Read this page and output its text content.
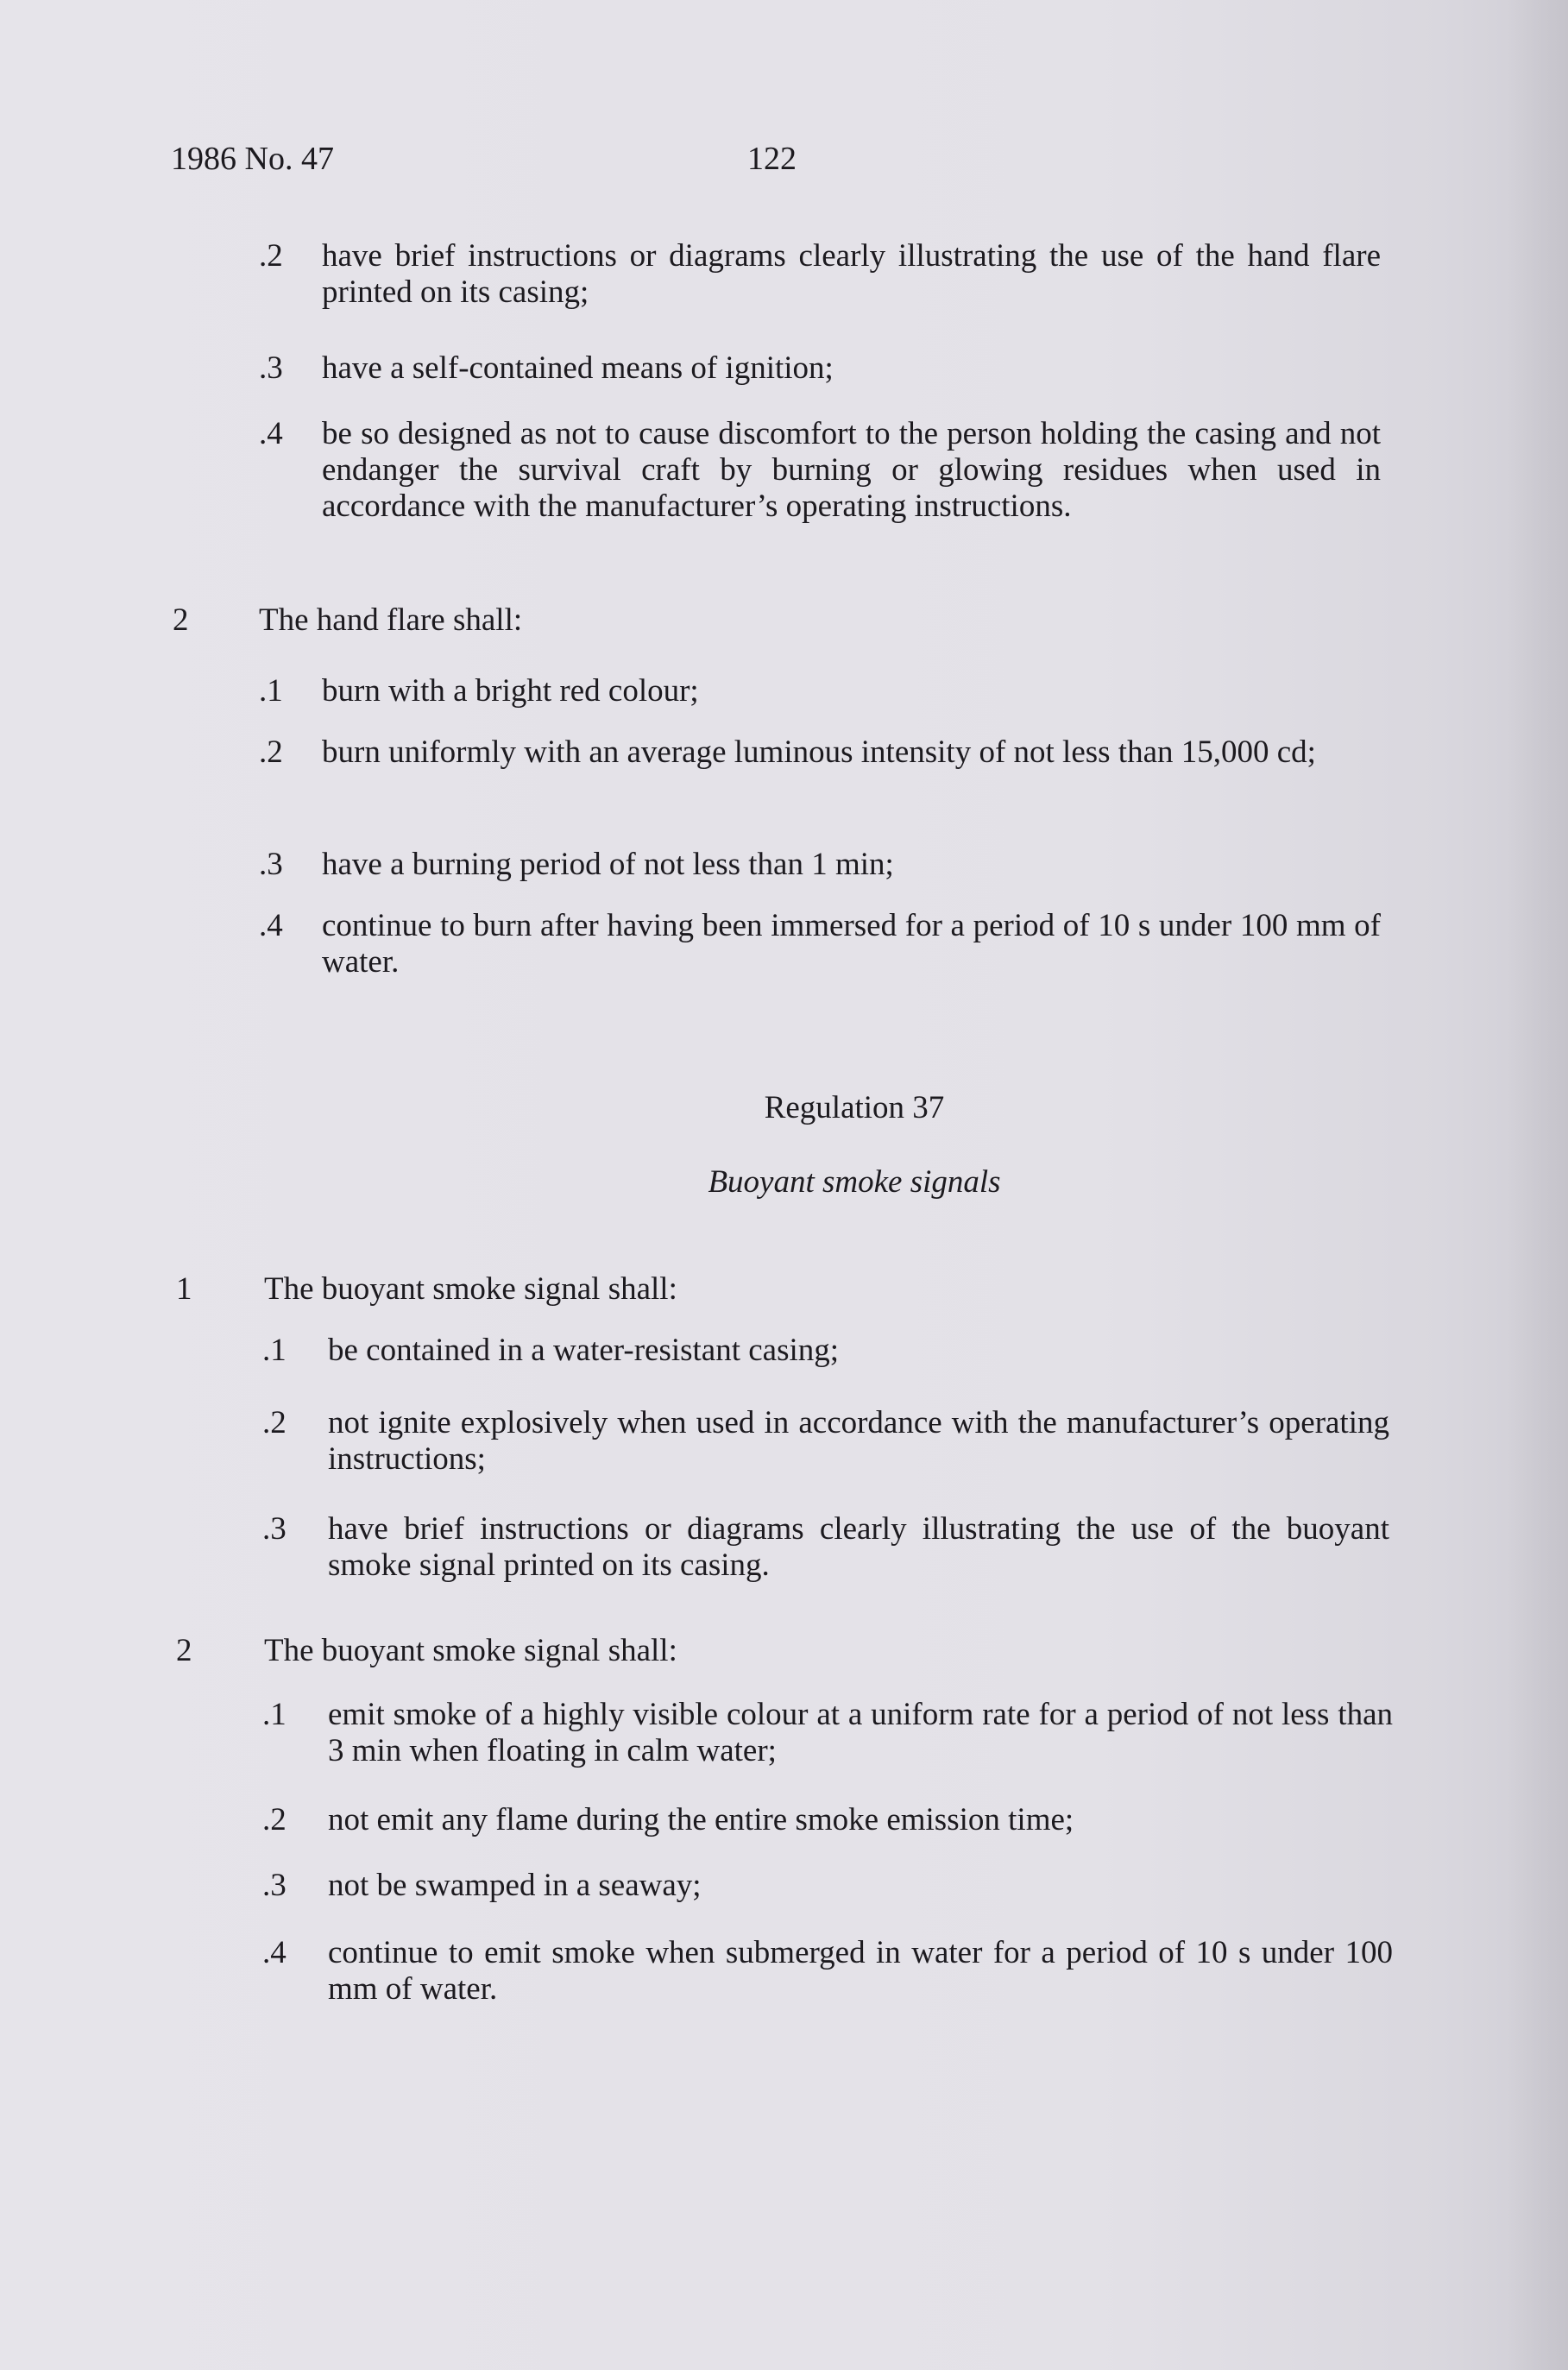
1986 No. 47	122
.2 have brief instructions or diagrams clearly illustrating the use of the hand flare printed on its casing;
.3 have a self-contained means of ignition;
.4 be so designed as not to cause discomfort to the person holding the casing and not endanger the survival craft by burning or glowing residues when used in accordance with the manufacturer’s operating instructions.
2 The hand flare shall:
.1 burn with a bright red colour;
.2 burn uniformly with an average luminous intensity of not less than 15,000 cd;
.3 have a burning period of not less than 1 min;
.4 continue to burn after having been immersed for a period of 10 s under 100 mm of water.
Regulation 37
Buoyant smoke signals
1 The buoyant smoke signal shall:
.1 be contained in a water-resistant casing;
.2 not ignite explosively when used in accordance with the manufacturer’s operating instructions;
.3 have brief instructions or diagrams clearly illustrating the use of the buoyant smoke signal printed on its casing.
2 The buoyant smoke signal shall:
.1 emit smoke of a highly visible colour at a uniform rate for a period of not less than 3 min when floating in calm water;
.2 not emit any flame during the entire smoke emission time;
.3 not be swamped in a seaway;
.4 continue to emit smoke when submerged in water for a period of 10 s under 100 mm of water.
